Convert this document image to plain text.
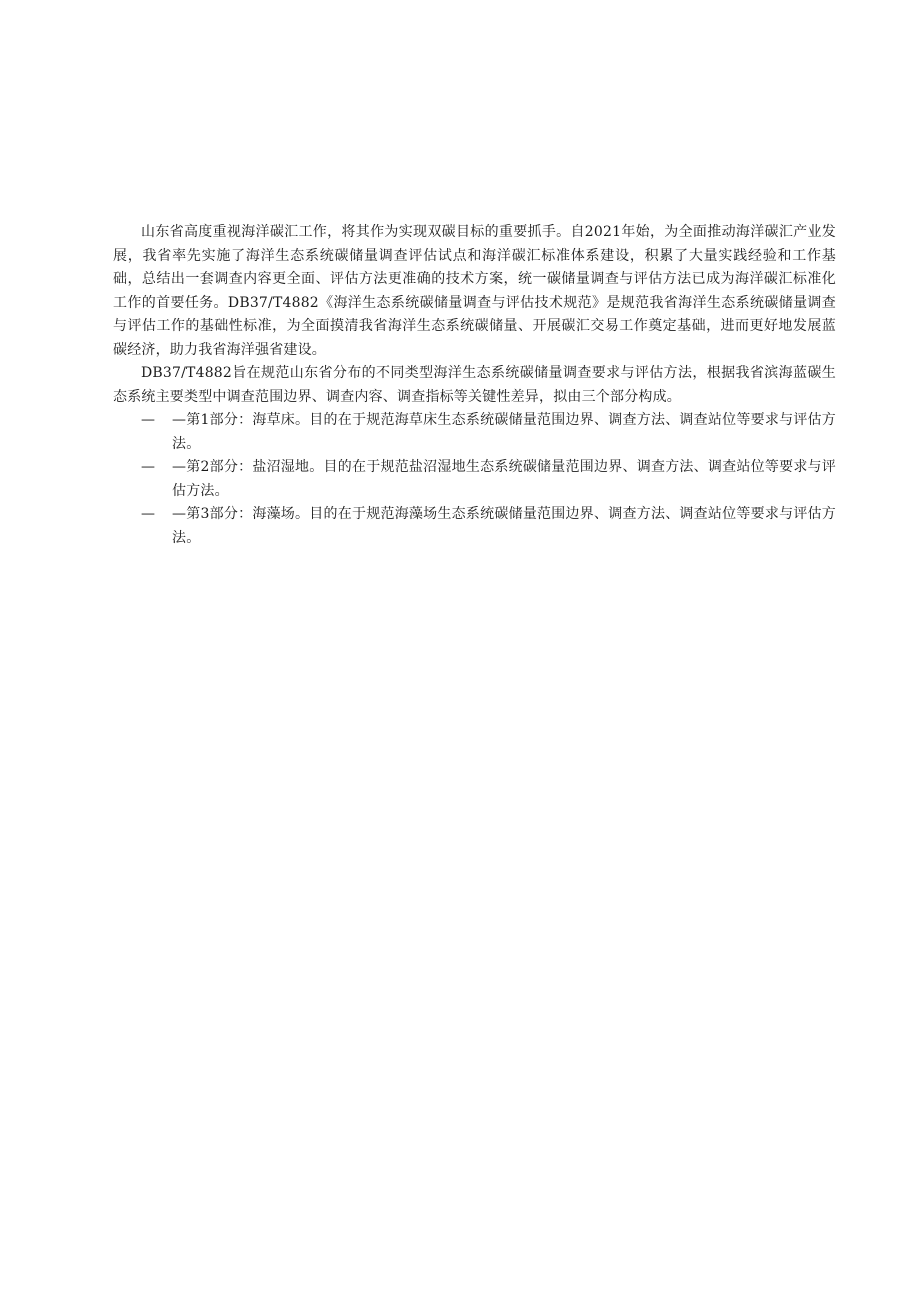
山东省高度重视海洋碳汇工作，将其作为实现双碳目标的重要抓手。自2021年始，为全面推动海洋碳汇产业发展，我省率先实施了海洋生态系统碳储量调查评估试点和海洋碳汇标准体系建设，积累了大量实践经验和工作基础，总结出一套调查内容更全面、评估方法更准确的技术方案，统一碳储量调查与评估方法已成为海洋碳汇标准化工作的首要任务。DB37/T4882《海洋生态系统碳储量调查与评估技术规范》是规范我省海洋生态系统碳储量调查与评估工作的基础性标准，为全面摸清我省海洋生态系统碳储量、开展碳汇交易工作奠定基础，进而更好地发展蓝碳经济，助力我省海洋强省建设。

DB37/T4882旨在规范山东省分布的不同类型海洋生态系统碳储量调查要求与评估方法，根据我省滨海蓝碳生态系统主要类型中调查范围边界、调查内容、调查指标等关键性差异，拟由三个部分构成。

— —第1部分：海草床。目的在于规范海草床生态系统碳储量范围边界、调查方法、调查站位等要求与评估方法。
— —第2部分：盐沼湿地。目的在于规范盐沼湿地生态系统碳储量范围边界、调查方法、调查站位等要求与评估方法。
— —第3部分：海藻场。目的在于规范海藻场生态系统碳储量范围边界、调查方法、调查站位等要求与评估方法。
